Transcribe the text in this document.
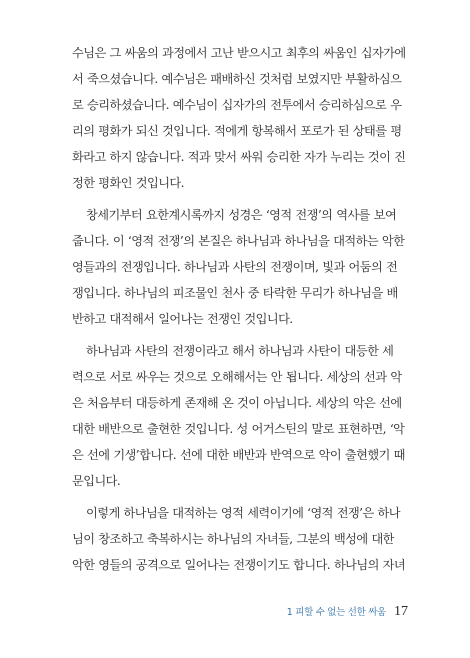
수님은 그 싸움의 과정에서 고난 받으시고 최후의 싸움인 십자가에
서 죽으셨습니다. 예수님은 패배하신 것처럼 보였지만 부활하심으
로 승리하셨습니다. 예수님이 십자가의 전투에서 승리하심으로 우
리의 평화가 되신 것입니다. 적에게 항복해서 포로가 된 상태를 평
화라고 하지 않습니다. 적과 맞서 싸워 승리한 자가 누리는 것이 진
정한 평화인 것입니다.
창세기부터 요한계시록까지 성경은 ‘영적 전쟁’의 역사를 보여
줍니다. 이 ‘영적 전쟁’의 본질은 하나님과 하나님을 대적하는 악한
영들과의 전쟁입니다. 하나님과 사탄의 전쟁이며, 빛과 어둠의 전
쟁입니다. 하나님의 피조물인 천사 중 타락한 무리가 하나님을 배
반하고 대적해서 일어나는 전쟁인 것입니다.
하나님과 사탄의 전쟁이라고 해서 하나님과 사탄이 대등한 세
력으로 서로 싸우는 것으로 오해해서는 안 됩니다. 세상의 선과 악
은 처음부터 대등하게 존재해 온 것이 아닙니다. 세상의 악은 선에
대한 배반으로 출현한 것입니다. 성 어거스틴의 말로 표현하면, ‘악
은 선에 기생’합니다. 선에 대한 배반과 반역으로 악이 출현했기 때
문입니다.
이렇게 하나님을 대적하는 영적 세력이기에 ‘영적 전쟁’은 하나
님이 창조하고 축복하시는 하나님의 자녀들, 그분의 백성에 대한
악한 영들의 공격으로 일어나는 전쟁이기도 합니다. 하나님의 자녀
1 피할 수 없는 선한 싸움 17
